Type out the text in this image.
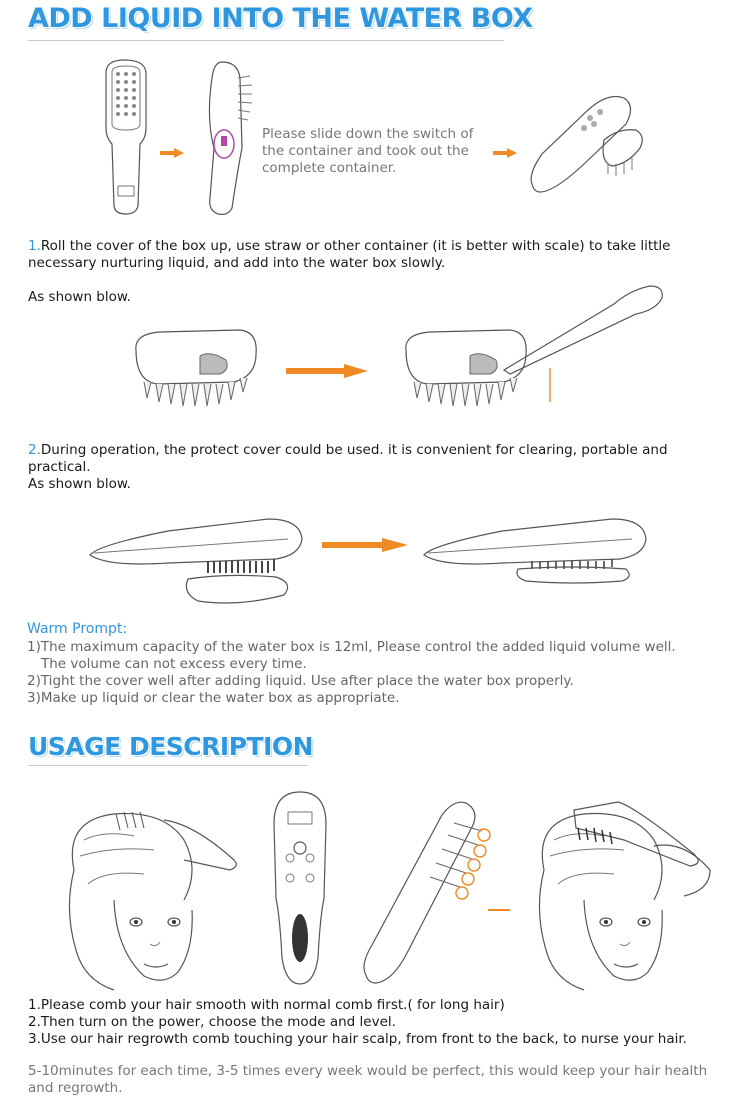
ADD LIQUID INTO THE WATER BOX
Please slide down the switch of the container and took out the complete container.
1.Roll the cover of the box up, use straw or other container (it is better with scale) to take little necessary nurturing liquid, and add into the water box slowly.
As shown blow.
2.During operation, the protect cover could be used. it is convenient for clearing, portable and practical.
As shown blow.
Warm Prompt:
1)The maximum capacity of the water box is 12ml, Please control the added liquid volume well.
The volume can not excess every time.
2)Tight the cover well after adding liquid. Use after place the water box properly.
3)Make up liquid or clear the water box as appropriate.
USAGE DESCRIPTION
1.Please comb your hair smooth with normal comb first.( for long hair)
2.Then turn on the power, choose the mode and level.
3.Use our hair regrowth comb touching your hair scalp, from front to the back, to nurse your hair.
5-10minutes for each time, 3-5 times every week would be perfect, this would keep your hair health and regrowth.
